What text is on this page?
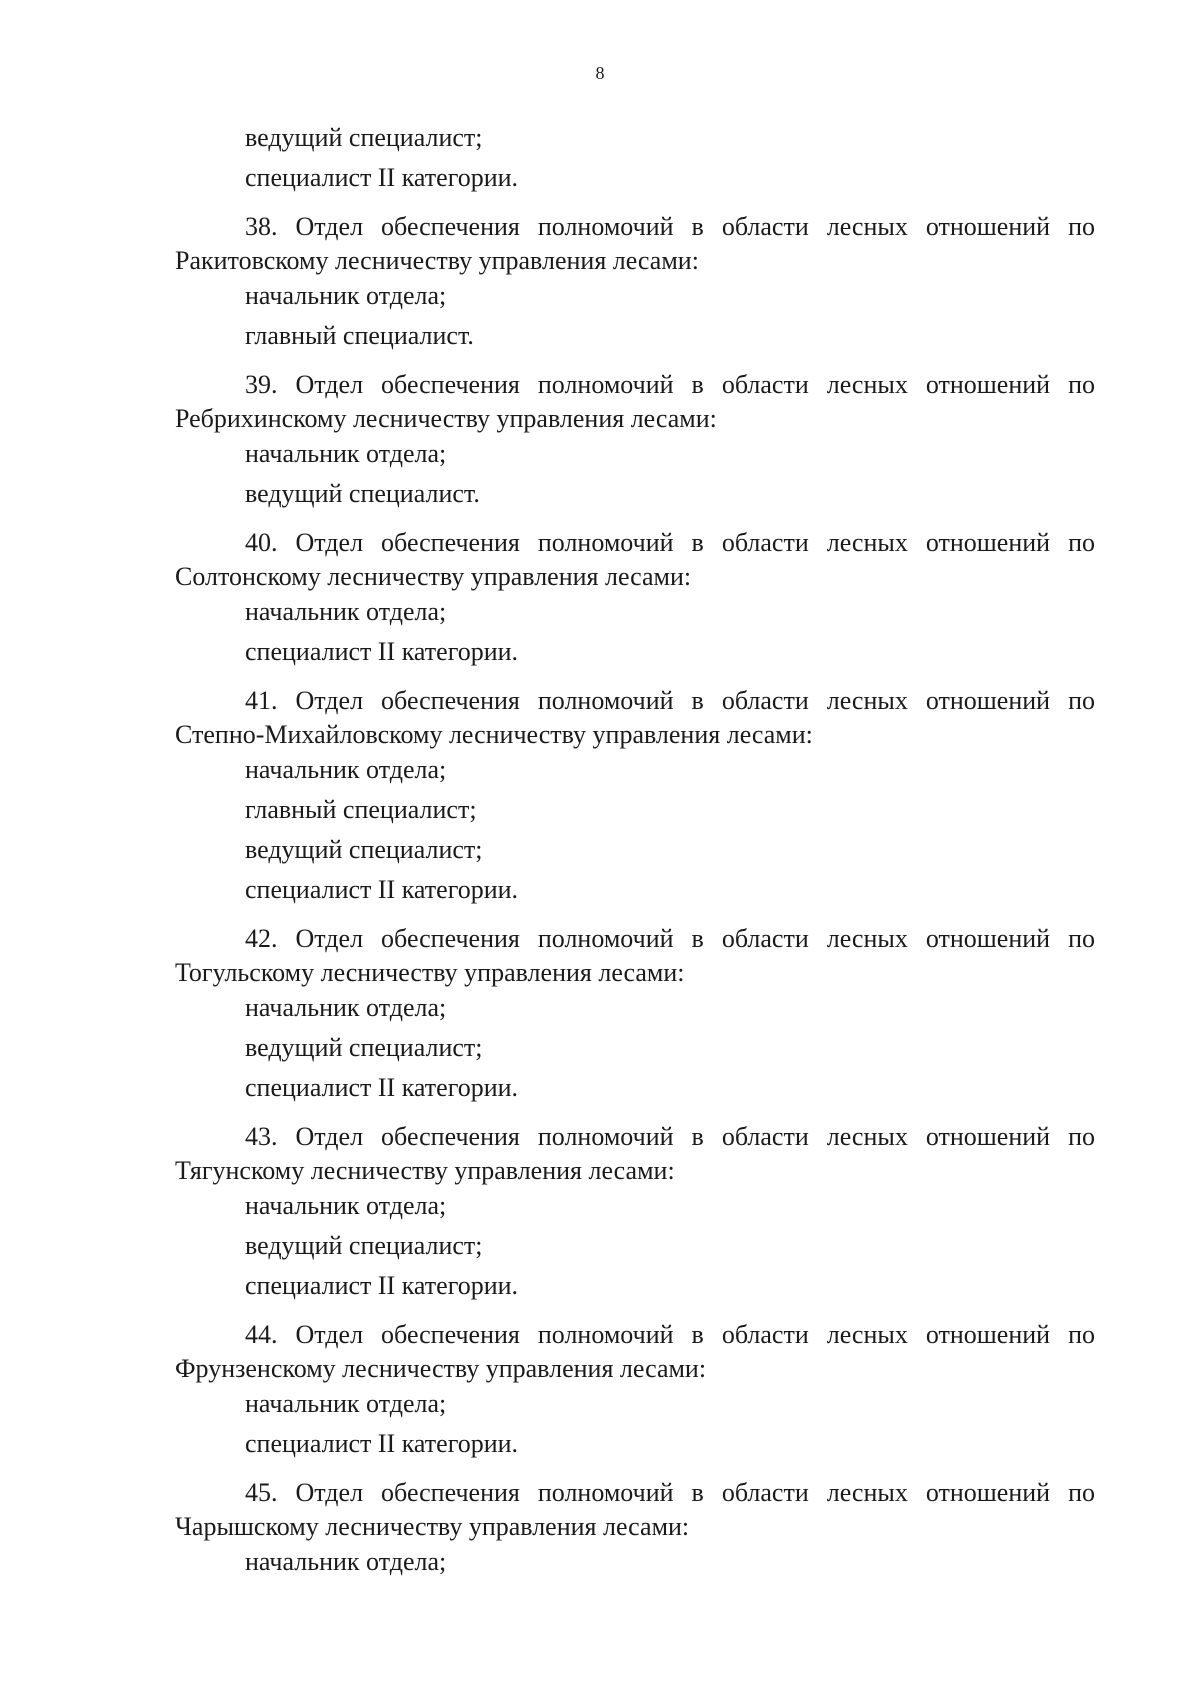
8
ведущий специалист;
специалист II категории.
38. Отдел обеспечения полномочий в области лесных отношений по
Ракитовскому лесничеству управления лесами:
начальник отдела;
главный специалист.
39. Отдел обеспечения полномочий в области лесных отношений по
Ребрихинскому лесничеству управления лесами:
начальник отдела;
ведущий специалист.
40. Отдел обеспечения полномочий в области лесных отношений по
Солтонскому лесничеству управления лесами:
начальник отдела;
специалист II категории.
41. Отдел обеспечения полномочий в области лесных отношений по
Степно-Михайловскому лесничеству управления лесами:
начальник отдела;
главный специалист;
ведущий специалист;
специалист II категории.
42. Отдел обеспечения полномочий в области лесных отношений по
Тогульскому лесничеству управления лесами:
начальник отдела;
ведущий специалист;
специалист II категории.
43. Отдел обеспечения полномочий в области лесных отношений по
Тягунскому лесничеству управления лесами:
начальник отдела;
ведущий специалист;
специалист II категории.
44. Отдел обеспечения полномочий в области лесных отношений по
Фрунзенскому лесничеству управления лесами:
начальник отдела;
специалист II категории.
45. Отдел обеспечения полномочий в области лесных отношений по
Чарышскому лесничеству управления лесами:
начальник отдела;
